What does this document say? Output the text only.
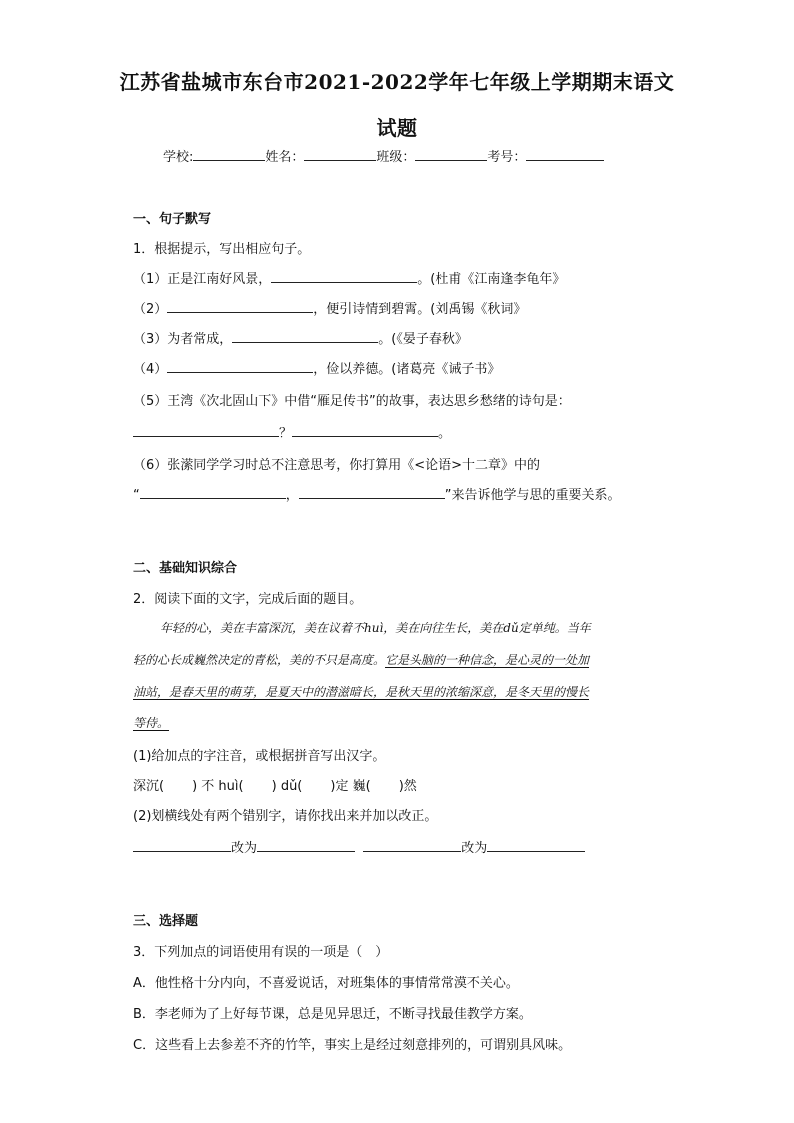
江苏省盐城市东台市2021-2022学年七年级上学期期末语文
试题
学校:	姓名：	班级：	考号：
一、句子默写
1．根据提示，写出相应句子。
（1）正是江南好风景，	。(杜甫《江南逢李龟年》
（2）	，便引诗情到碧霄。(刘禹锡《秋词》
（3）为者常成，	。(《晏子春秋》
（4）	，俭以养德。(诸葛亮《诫子书》
（5）王湾《次北固山下》中借“雁足传书”的故事，表达思乡愁绪的诗句是：
？	。
（6）张潆同学学习时总不注意思考，你打算用《<论语>十二章》中的
“	，	”来告诉他学与思的重要关系。
二、基础知识综合
2．阅读下面的文字，完成后面的题目。
年轻的心，美在丰富深沉，美在议着不huì，美在向往生长，美在dǔ定单纯。当年
轻的心长成巍然决定的青松，美的不只是高度。它是头脑的一种信念，是心灵的一处加
油站，是春天里的萌芽，是夏天中的潜滋暗长，是秋天里的浓缩深意，是冬天里的慢长
等侍。
(1)给加点的字注音，或根据拼音写出汉字。
深沉( ) 不 huì( ) dǔ( )定 巍( )然
(2)划横线处有两个错别字，请你找出来并加以改正。
改为	改为
三、选择题
3．下列加点的词语使用有误的一项是（　）
A．他性格十分内向，不喜爱说话，对班集体的事情常常漠不关心。
B．李老师为了上好每节课，总是见异思迁，不断寻找最佳教学方案。
C．这些看上去参差不齐的竹竿，事实上是经过刻意排列的，可谓别具风味。
